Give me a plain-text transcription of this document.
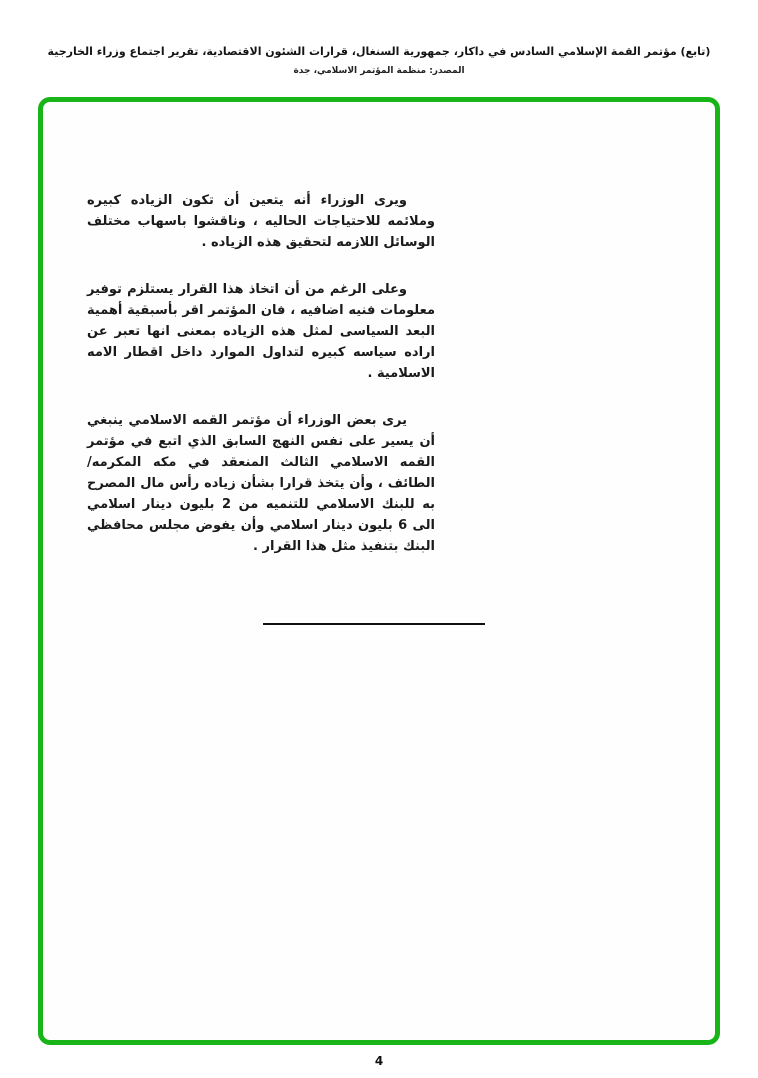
(تابع) مؤتمر القمة الإسلامي السادس في داكار، جمهورية السنغال، قرارات الشئون الاقتصادية، تقرير اجتماع وزراء الخارجية
المصدر: منظمة المؤتمر الاسلامي، جدة

ويرى الوزراء أنه يتعين أن تكون الزياده كبيره وملائمه للاحتياجات الحاليه ، وناقشوا باسهاب مختلف الوسائل اللازمه لتحقيق هذه الزياده .

وعلى الرغم من أن اتخاذ هذا القرار يستلزم توفير معلومات فنيه اضافيه ، فان المؤتمر اقر بأسبقية أهمية البعد السياسى لمثل هذه الزياده بمعنى انها تعبر عن اراده سياسه كبيره لتداول الموارد داخل اقطار الامه الاسلامية .

يرى بعض الوزراء أن مؤتمر القمه الاسلامي ينبغي أن يسير على نفس النهج السابق الذي اتبع في مؤتمر القمه الاسلامي الثالث المنعقد في مكه المكرمه/الطائف ، وأن يتخذ قرارا بشأن زياده رأس مال المصرح به للبنك الاسلامي للتنميه من 2 بليون دينار اسلامي الى 6 بليون دينار اسلامي وأن يفوض مجلس محافظي البنك بتنفيذ مثل هذا القرار .

4
